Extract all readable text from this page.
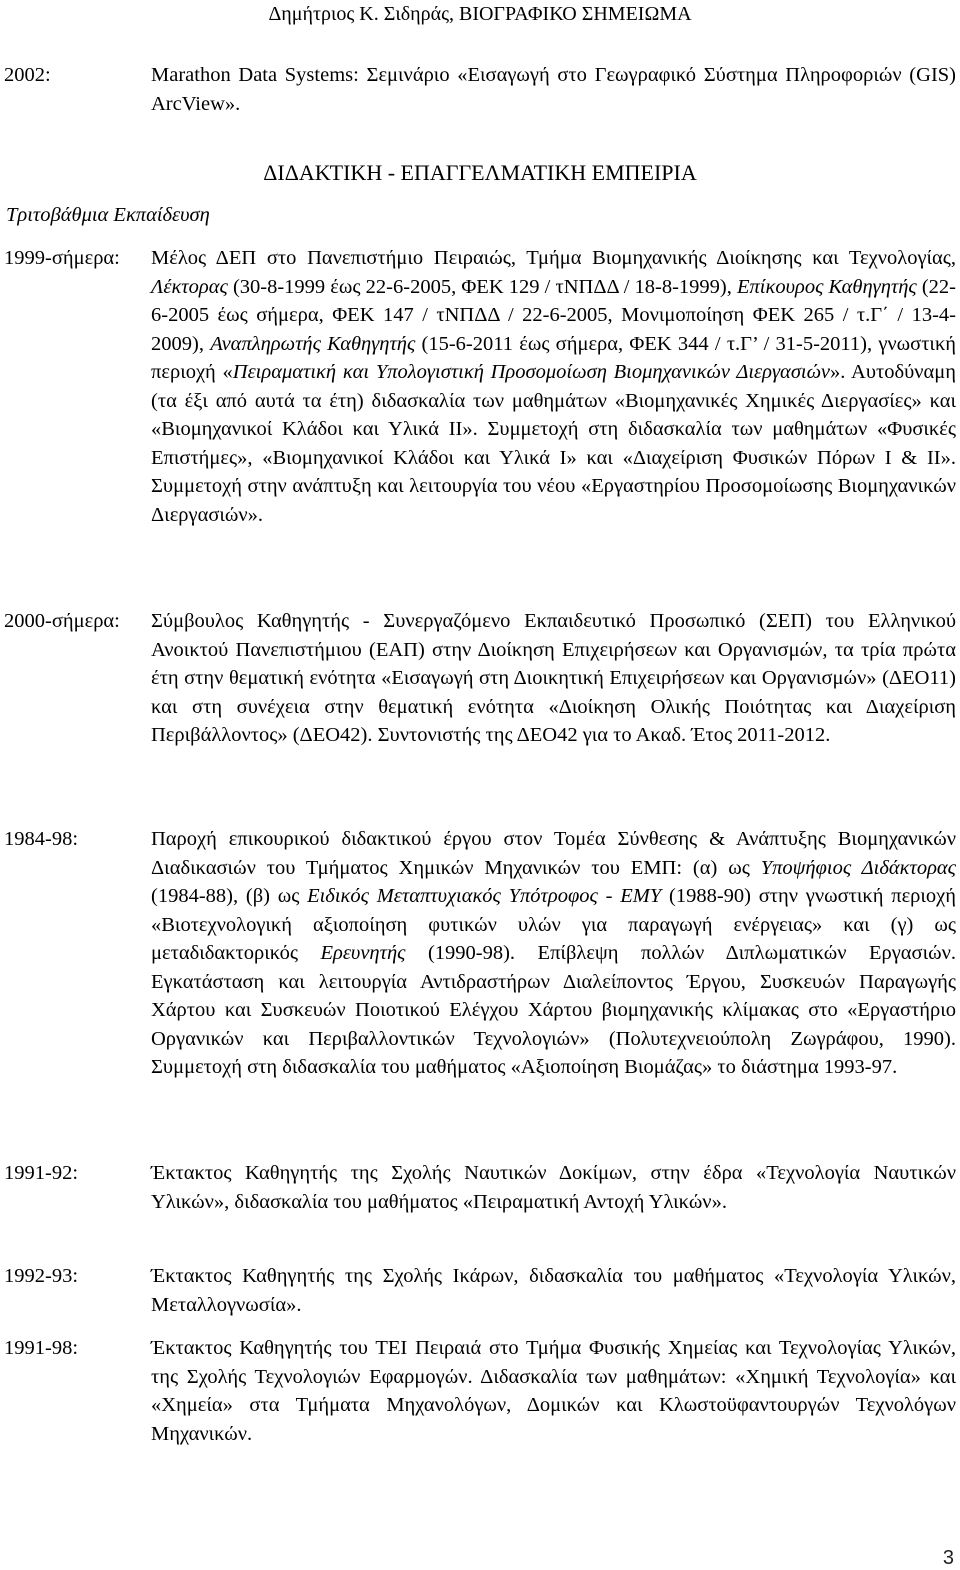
Δημήτριος Κ. Σιδηράς, ΒΙΟΓΡΑΦΙΚΟ ΣΗΜΕΙΩΜΑ
2002:	Marathon Data Systems: Σεμινάριο «Εισαγωγή στο Γεωγραφικό Σύστημα Πληροφοριών (GIS) ArcView».
ΔΙΔΑΚΤΙΚΗ - ΕΠΑΓΓΕΛΜΑΤΙΚΗ ΕΜΠΕΙΡΙΑ
Τριτοβάθμια Εκπαίδευση
1999-σήμερα: Μέλος ΔΕΠ στο Πανεπιστήμιο Πειραιώς, Τμήμα Βιομηχανικής Διοίκησης και Τεχνολογίας, Λέκτορας (30-8-1999 έως 22-6-2005, ΦΕΚ 129 / τΝΠΔΔ / 18-8-1999), Επίκουρος Καθηγητής (22-6-2005 έως σήμερα, ΦΕΚ 147 / τΝΠΔΔ / 22-6-2005, Μονιμοποίηση ΦΕΚ 265 / τ.Γ΄ / 13-4-2009), Αναπληρωτής Καθηγητής (15-6-2011 έως σήμερα, ΦΕΚ 344 / τ.Γ’ / 31-5-2011), γνωστική περιοχή «Πειραματική και Υπολογιστική Προσομοίωση Βιομηχανικών Διεργασιών». Αυτοδύναμη (τα έξι από αυτά τα έτη) διδασκαλία των μαθημάτων «Βιομηχανικές Χημικές Διεργασίες» και «Βιομηχανικοί Κλάδοι και Υλικά ΙΙ». Συμμετοχή στη διδασκαλία των μαθημάτων «Φυσικές Επιστήμες», «Βιομηχανικοί Κλάδοι και Υλικά Ι» και «Διαχείριση Φυσικών Πόρων Ι & ΙΙ». Συμμετοχή στην ανάπτυξη και λειτουργία του νέου «Εργαστηρίου Προσομοίωσης Βιομηχανικών Διεργασιών».
2000-σήμερα: Σύμβουλος Καθηγητής - Συνεργαζόμενο Εκπαιδευτικό Προσωπικό (ΣΕΠ) του Ελληνικού Ανοικτού Πανεπιστήμιου (ΕΑΠ) στην Διοίκηση Επιχειρήσεων και Οργανισμών, τα τρία πρώτα έτη στην θεματική ενότητα «Εισαγωγή στη Διοικητική Επιχειρήσεων και Οργανισμών» (ΔΕΟ11) και στη συνέχεια στην θεματική ενότητα «Διοίκηση Ολικής Ποιότητας και Διαχείριση Περιβάλλοντος» (ΔΕΟ42). Συντονιστής της ΔΕΟ42 για το Ακαδ. Έτος 2011-2012.
1984-98:	Παροχή επικουρικού διδακτικού έργου στον Τομέα Σύνθεσης & Ανάπτυξης Βιομηχανικών Διαδικασιών του Τμήματος Χημικών Μηχανικών του ΕΜΠ: (α) ως Υποψήφιος Διδάκτορας (1984-88), (β) ως Ειδικός Μεταπτυχιακός Υπότροφος - ΕΜΥ (1988-90) στην γνωστική περιοχή «Βιοτεχνολογική αξιοποίηση φυτικών υλών για παραγωγή ενέργειας» και (γ) ως μεταδιδακτορικός Ερευνητής (1990-98). Επίβλεψη πολλών Διπλωματικών Εργασιών. Εγκατάσταση και λειτουργία Αντιδραστήρων Διαλείποντος Έργου, Συσκευών Παραγωγής Χάρτου και Συσκευών Ποιοτικού Ελέγχου Χάρτου βιομηχανικής κλίμακας στο «Εργαστήριο Οργανικών και Περιβαλλοντικών Τεχνολογιών» (Πολυτεχνειούπολη Ζωγράφου, 1990). Συμμετοχή στη διδασκαλία του μαθήματος «Αξιοποίηση Βιομάζας» το διάστημα 1993-97.
1991-92:	Έκτακτος Καθηγητής της Σχολής Ναυτικών Δοκίμων, στην έδρα «Τεχνολογία Ναυτικών Υλικών», διδασκαλία του μαθήματος «Πειραματική Αντοχή Υλικών».
1992-93:	Έκτακτος Καθηγητής της Σχολής Ικάρων, διδασκαλία του μαθήματος «Τεχνολογία Υλικών, Μεταλλογνωσία».
1991-98:	Έκτακτος Καθηγητής του ΤΕΙ Πειραιά στο Τμήμα Φυσικής Χημείας και Τεχνολογίας Υλικών, της Σχολής Τεχνολογιών Εφαρμογών. Διδασκαλία των μαθημάτων: «Χημική Τεχνολογία» και «Χημεία» στα Τμήματα Μηχανολόγων, Δομικών και Κλωστοϋφαντουργών Τεχνολόγων Μηχανικών.
3
